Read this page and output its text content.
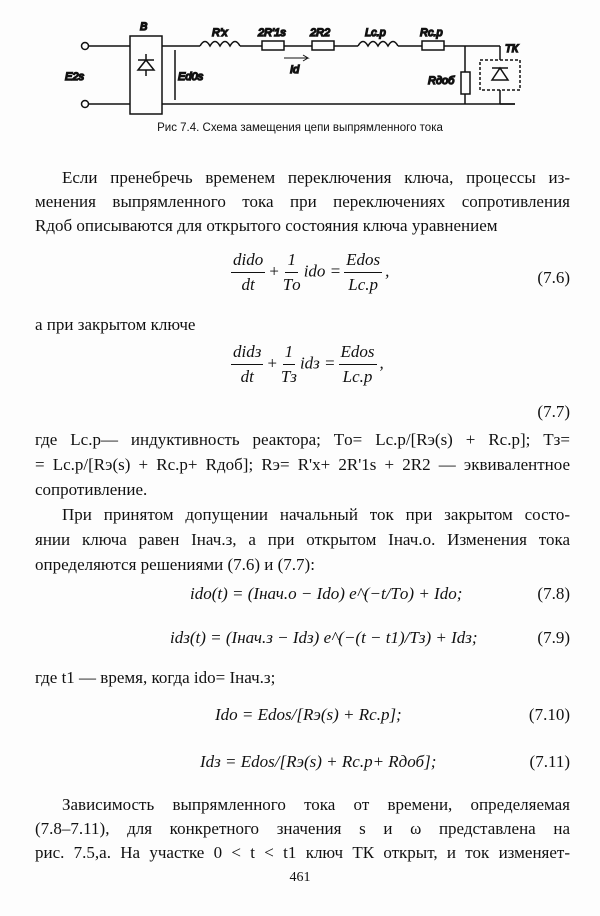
B
E2s	Ed0s
R'x	2R'1s 2R2	Lс.р	Rс.р
Id
Rдоб
ТК
Рис 7.4. Схема замещения цепи выпрямленного тока
Если пренебречь временем переключения ключа, процессы из-
менения выпрямленного тока при переключениях сопротивления
Rдоб описываются для открытого состояния ключа уравнением
$\frac{\text{didо}}{dt} + \frac{1}{Tо}$ idо = $\frac{\text{Edоs}}{Lс.р}$ ,	(7.6)
а при закрытом ключе
$\frac{\text{didз}}{dt} + \frac{1}{Tз}$ idз = $\frac{\text{Edоs}}{Lс.р}$ ,
(7.7)
где Lс.р— индуктивность реактора; Tо= Lс.р/[Rэ(s) + Rс.р]; Tз=
= Lс.р/[Rэ(s) + Rс.р+ Rдоб]; Rэ= R'x+ 2R'1s + 2R2 — эквивалентное
сопротивление.
При принятом допущении начальный ток при закрытом состо-
янии ключа равен Iнач.з, а при открытом Iнач.о. Изменения тока
определяются решениями (7.6) и (7.7):
idо(t) = (Iнач.о − Idо) e^(−t/Tо) + Idо;	(7.8)
idз(t) = (Iнач.з − Idз) e^(−(t − t1)/Tз) + Idз;	(7.9)
где t1 — время, когда idо= Iнач.з;
Idо = Edоs/[Rэ(s) + Rс.р];	(7.10)
Idз = Edоs/[Rэ(s) + Rс.р+ Rдоб];	(7.11)
Зависимость выпрямленного тока от времени, определяемая
(7.8–7.11), для конкретного значения s и ω представлена на
рис. 7.5,а. На участке 0 < t < t1 ключ ТК открыт, и ток изменяет-
461
